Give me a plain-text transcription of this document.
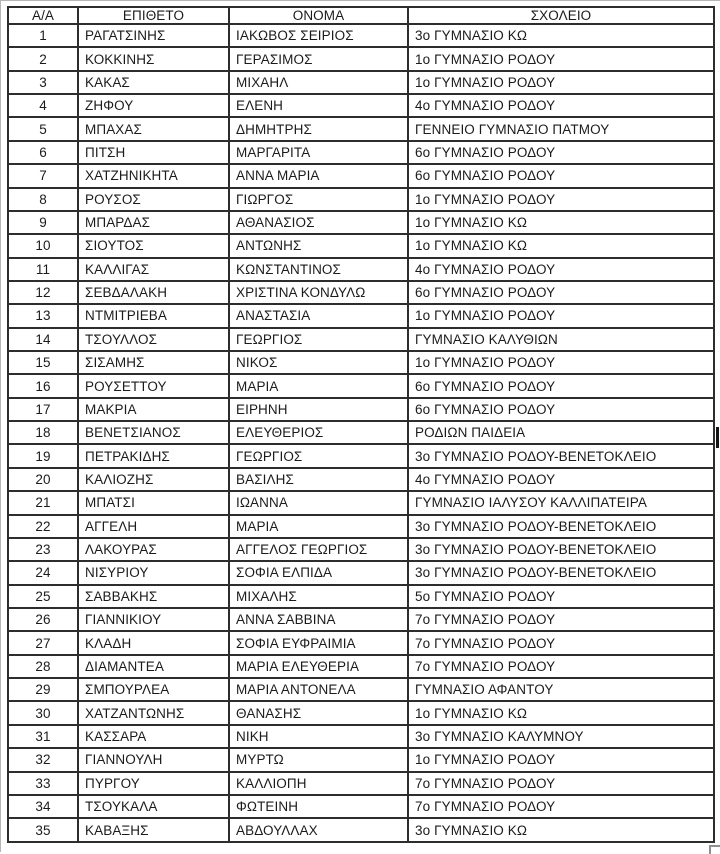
Α/Α	ΕΠΙΘΕΤΟ	ΟΝΟΜΑ	ΣΧΟΛΕΙΟ
1	ΡΑΓΑΤΣΙΝΗΣ	ΙΑΚΩΒΟΣ ΣΕΙΡΙΟΣ	3ο ΓΥΜΝΑΣΙΟ ΚΩ
2	ΚΟΚΚΙΝΗΣ	ΓΕΡΑΣΙΜΟΣ	1ο ΓΥΜΝΑΣΙΟ ΡΟΔΟΥ
3	ΚΑΚΑΣ	ΜΙΧΑΗΛ	1ο ΓΥΜΝΑΣΙΟ ΡΟΔΟΥ
4	ΖΗΦΟΥ	ΕΛΕΝΗ	4ο ΓΥΜΝΑΣΙΟ ΡΟΔΟΥ
5	ΜΠΑΧΑΣ	ΔΗΜΗΤΡΗΣ	ΓΕΝΝΕΙΟ ΓΥΜΝΑΣΙΟ ΠΑΤΜΟΥ
6	ΠΙΤΣΗ	ΜΑΡΓΑΡΙΤΑ	6ο ΓΥΜΝΑΣΙΟ ΡΟΔΟΥ
7	ΧΑΤΖΗΝΙΚΗΤΑ	ΑΝΝΑ ΜΑΡΙΑ	6ο ΓΥΜΝΑΣΙΟ ΡΟΔΟΥ
8	ΡΟΥΣΟΣ	ΓΙΩΡΓΟΣ	1ο ΓΥΜΝΑΣΙΟ ΡΟΔΟΥ
9	ΜΠΑΡΔΑΣ	ΑΘΑΝΑΣΙΟΣ	1ο ΓΥΜΝΑΣΙΟ ΚΩ
10	ΣΙΟΥΤΟΣ	ΑΝΤΩΝΗΣ	1ο ΓΥΜΝΑΣΙΟ ΚΩ
11	ΚΑΛΛΙΓΑΣ	ΚΩΝΣΤΑΝΤΙΝΟΣ	4ο ΓΥΜΝΑΣΙΟ ΡΟΔΟΥ
12	ΣΕΒΔΑΛΑΚΗ	ΧΡΙΣΤΙΝΑ ΚΟΝΔΥΛΩ	6ο ΓΥΜΝΑΣΙΟ ΡΟΔΟΥ
13	ΝΤΜΙΤΡΙΕΒΑ	ΑΝΑΣΤΑΣΙΑ	1ο ΓΥΜΝΑΣΙΟ ΡΟΔΟΥ
14	ΤΣΟΥΛΛΟΣ	ΓΕΩΡΓΙΟΣ	ΓΥΜΝΑΣΙΟ ΚΑΛΥΘΙΩΝ
15	ΣΙΣΑΜΗΣ	ΝΙΚΟΣ	1ο ΓΥΜΝΑΣΙΟ ΡΟΔΟΥ
16	ΡΟΥΣΕΤΤΟΥ	ΜΑΡΙΑ	6ο ΓΥΜΝΑΣΙΟ ΡΟΔΟΥ
17	ΜΑΚΡΙΑ	ΕΙΡΗΝΗ	6ο ΓΥΜΝΑΣΙΟ ΡΟΔΟΥ
18	ΒΕΝΕΤΣΙΑΝΟΣ	ΕΛΕΥΘΕΡΙΟΣ	ΡΟΔΙΩΝ ΠΑΙΔΕΙΑ
19	ΠΕΤΡΑΚΙΔΗΣ	ΓΕΩΡΓΙΟΣ	3ο ΓΥΜΝΑΣΙΟ ΡΟΔΟΥ-ΒΕΝΕΤΟΚΛΕΙΟ
20	ΚΑΛΙΟΖΗΣ	ΒΑΣΙΛΗΣ	4ο ΓΥΜΝΑΣΙΟ ΡΟΔΟΥ
21	ΜΠΑΤΣΙ	ΙΩΑΝΝΑ	ΓΥΜΝΑΣΙΟ ΙΑΛΥΣΟΥ ΚΑΛΛΙΠΑΤΕΙΡΑ
22	ΑΓΓΕΛΗ	ΜΑΡΙΑ	3ο ΓΥΜΝΑΣΙΟ ΡΟΔΟΥ-ΒΕΝΕΤΟΚΛΕΙΟ
23	ΛΑΚΟΥΡΑΣ	ΑΓΓΕΛΟΣ ΓΕΩΡΓΙΟΣ	3ο ΓΥΜΝΑΣΙΟ ΡΟΔΟΥ-ΒΕΝΕΤΟΚΛΕΙΟ
24	ΝΙΣΥΡΙΟΥ	ΣΟΦΙΑ ΕΛΠΙΔΑ	3ο ΓΥΜΝΑΣΙΟ ΡΟΔΟΥ-ΒΕΝΕΤΟΚΛΕΙΟ
25	ΣΑΒΒΑΚΗΣ	ΜΙΧΑΛΗΣ	5ο ΓΥΜΝΑΣΙΟ ΡΟΔΟΥ
26	ΓΙΑΝΝΙΚΙΟΥ	ΑΝΝΑ ΣΑΒΒΙΝΑ	7ο ΓΥΜΝΑΣΙΟ ΡΟΔΟΥ
27	ΚΛΑΔΗ	ΣΟΦΙΑ ΕΥΦΡΑΙΜΙΑ	7ο ΓΥΜΝΑΣΙΟ ΡΟΔΟΥ
28	ΔΙΑΜΑΝΤΕΑ	ΜΑΡΙΑ ΕΛΕΥΘΕΡΙΑ	7ο ΓΥΜΝΑΣΙΟ ΡΟΔΟΥ
29	ΣΜΠΟΥΡΛΕΑ	ΜΑΡΙΑ ΑΝΤΟΝΕΛΑ	ΓΥΜΝΑΣΙΟ ΑΦΑΝΤΟΥ
30	ΧΑΤΖΑΝΤΩΝΗΣ	ΘΑΝΑΣΗΣ	1ο ΓΥΜΝΑΣΙΟ ΚΩ
31	ΚΑΣΣΑΡΑ	ΝΙΚΗ	3ο ΓΥΜΝΑΣΙΟ ΚΑΛΥΜΝΟΥ
32	ΓΙΑΝΝΟΥΛΗ	ΜΥΡΤΩ	1ο ΓΥΜΝΑΣΙΟ ΡΟΔΟΥ
33	ΠΥΡΓΟΥ	ΚΑΛΛΙΟΠΗ	7ο ΓΥΜΝΑΣΙΟ ΡΟΔΟΥ
34	ΤΣΟΥΚΑΛΑ	ΦΩΤΕΙΝΗ	7ο ΓΥΜΝΑΣΙΟ ΡΟΔΟΥ
35	ΚΑΒΑΞΗΣ	ΑΒΔΟΥΛΛΑΧ	3ο ΓΥΜΝΑΣΙΟ ΚΩ
